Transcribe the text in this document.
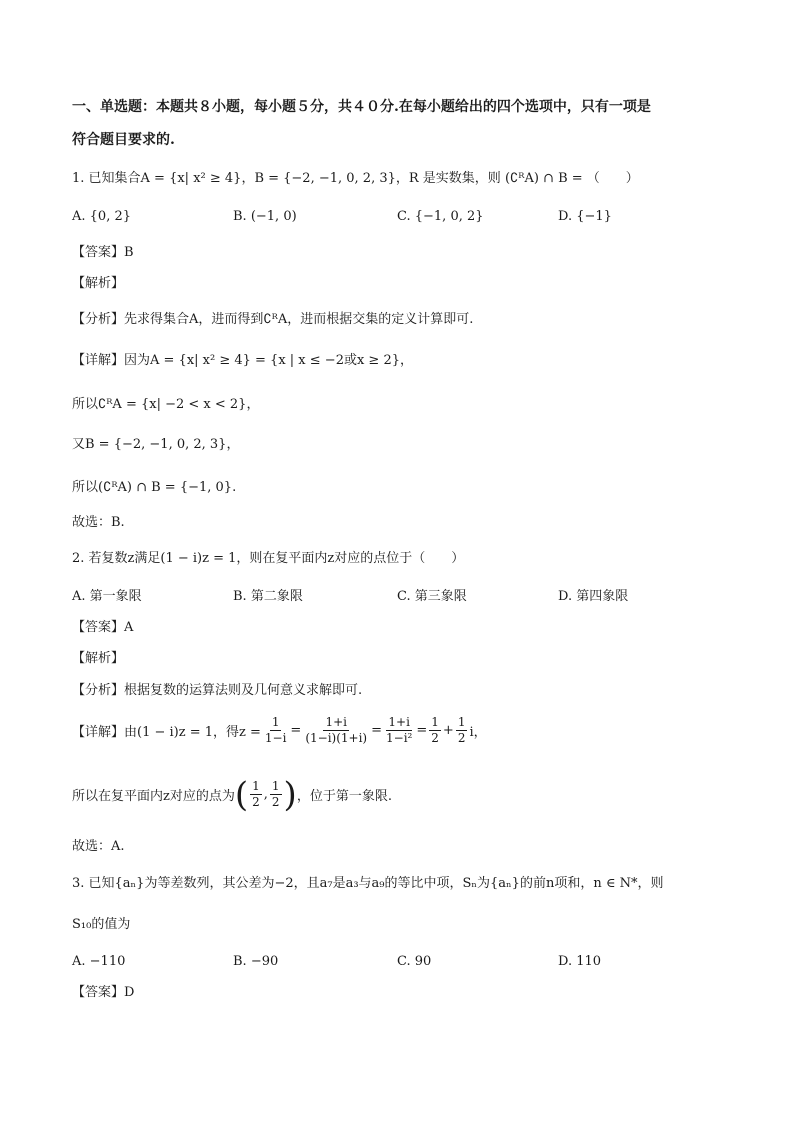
一、单选题：本题共８小题，每小题５分，共４０分.在每小题给出的四个选项中，只有一项是
符合题目要求的.
1. 已知集合A = {x| x² ≥ 4}，B = {−2, −1, 0, 2, 3}，R 是实数集，则 (∁ᴿA) ∩ B = （　　）
A. {0, 2}	B. (−1, 0)	C. {−1, 0, 2}	D. {−1}
【答案】B
【解析】
【分析】先求得集合A，进而得到∁ᴿA，进而根据交集的定义计算即可.
【详解】因为A = {x| x² ≥ 4} = {x | x ≤ −2或x ≥ 2}，
所以∁ᴿA = {x| −2 < x < 2}，
又B = {−2, −1, 0, 2, 3}，
所以(∁ᴿA) ∩ B = {−1, 0}.
故选：B.
2. 若复数z满足(1 − i)z = 1，则在复平面内z对应的点位于（　　）
A. 第一象限	B. 第二象限	C. 第三象限	D. 第四象限
【答案】A
【解析】
【分析】根据复数的运算法则及几何意义求解即可.
【详解】由(1 − i)z = 1，得$z = \frac{1}{1-i} = \frac{1+i}{(1-i)(1+i)} = \frac{1+i}{\text{1−i²}} = \frac{1}{2} + \frac{1}{2}$ i，
所以在复平面内z对应的点为 ( $\frac{1}{2}$ , $\frac{1}{2}$ ) ，位于第一象限.
故选：A.
3. 已知{aₙ}为等差数列，其公差为−2，且a₇是a₃与a₉的等比中项，Sₙ为{aₙ}的前n项和，n ∈ N*，则
S₁₀的值为
A. −110	B. −90	C. 90	D. 110
【答案】D
